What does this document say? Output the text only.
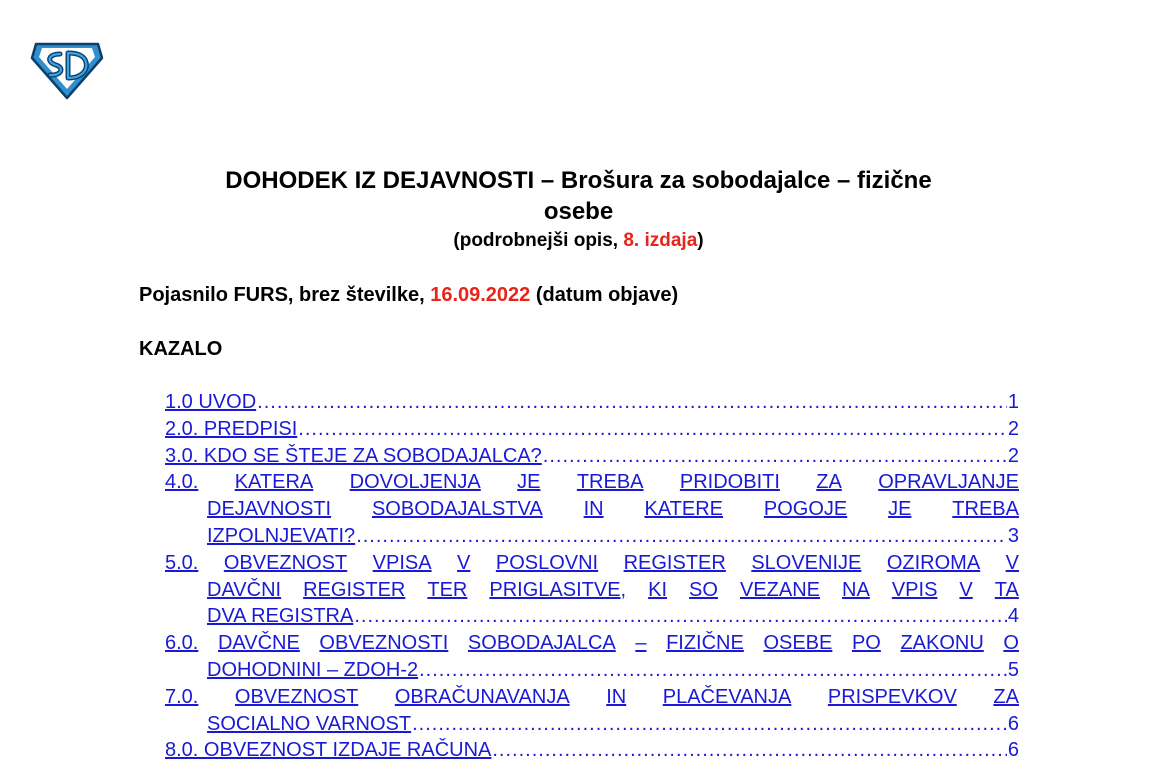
DOHODEK IZ DEJAVNOSTI – Brošura za sobodajalce – fizične
osebe
(podrobnejši opis, 8. izdaja)
Pojasnilo FURS, brez številke, 16.09.2022 (datum objave)
KAZALO
1.0 UVOD .....	1
2.0. PREDPISI .....	2
3.0. KDO SE ŠTEJE ZA SOBODAJALCA? .....	2
4.0. KATERA DOVOLJENJA JE TREBA PRIDOBITI ZA OPRAVLJANJE
DEJAVNOSTI SOBODAJALSTVA IN KATERE POGOJE JE TREBA
IZPOLNJEVATI? .....	3
5.0. OBVEZNOST VPISA V POSLOVNI REGISTER SLOVENIJE OZIROMA V
DAVČNI REGISTER TER PRIGLASITVE, KI SO VEZANE NA VPIS V TA
DVA REGISTRA .....	4
6.0. DAVČNE OBVEZNOSTI SOBODAJALCA – FIZIČNE OSEBE PO ZAKONU O
DOHODNINI – ZDOH-2 .....	5
7.0. OBVEZNOST OBRAČUNAVANJA IN PLAČEVANJA PRISPEVKOV ZA
SOCIALNO VARNOST .....	6
8.0. OBVEZNOST IZDAJE RAČUNA .....	6
